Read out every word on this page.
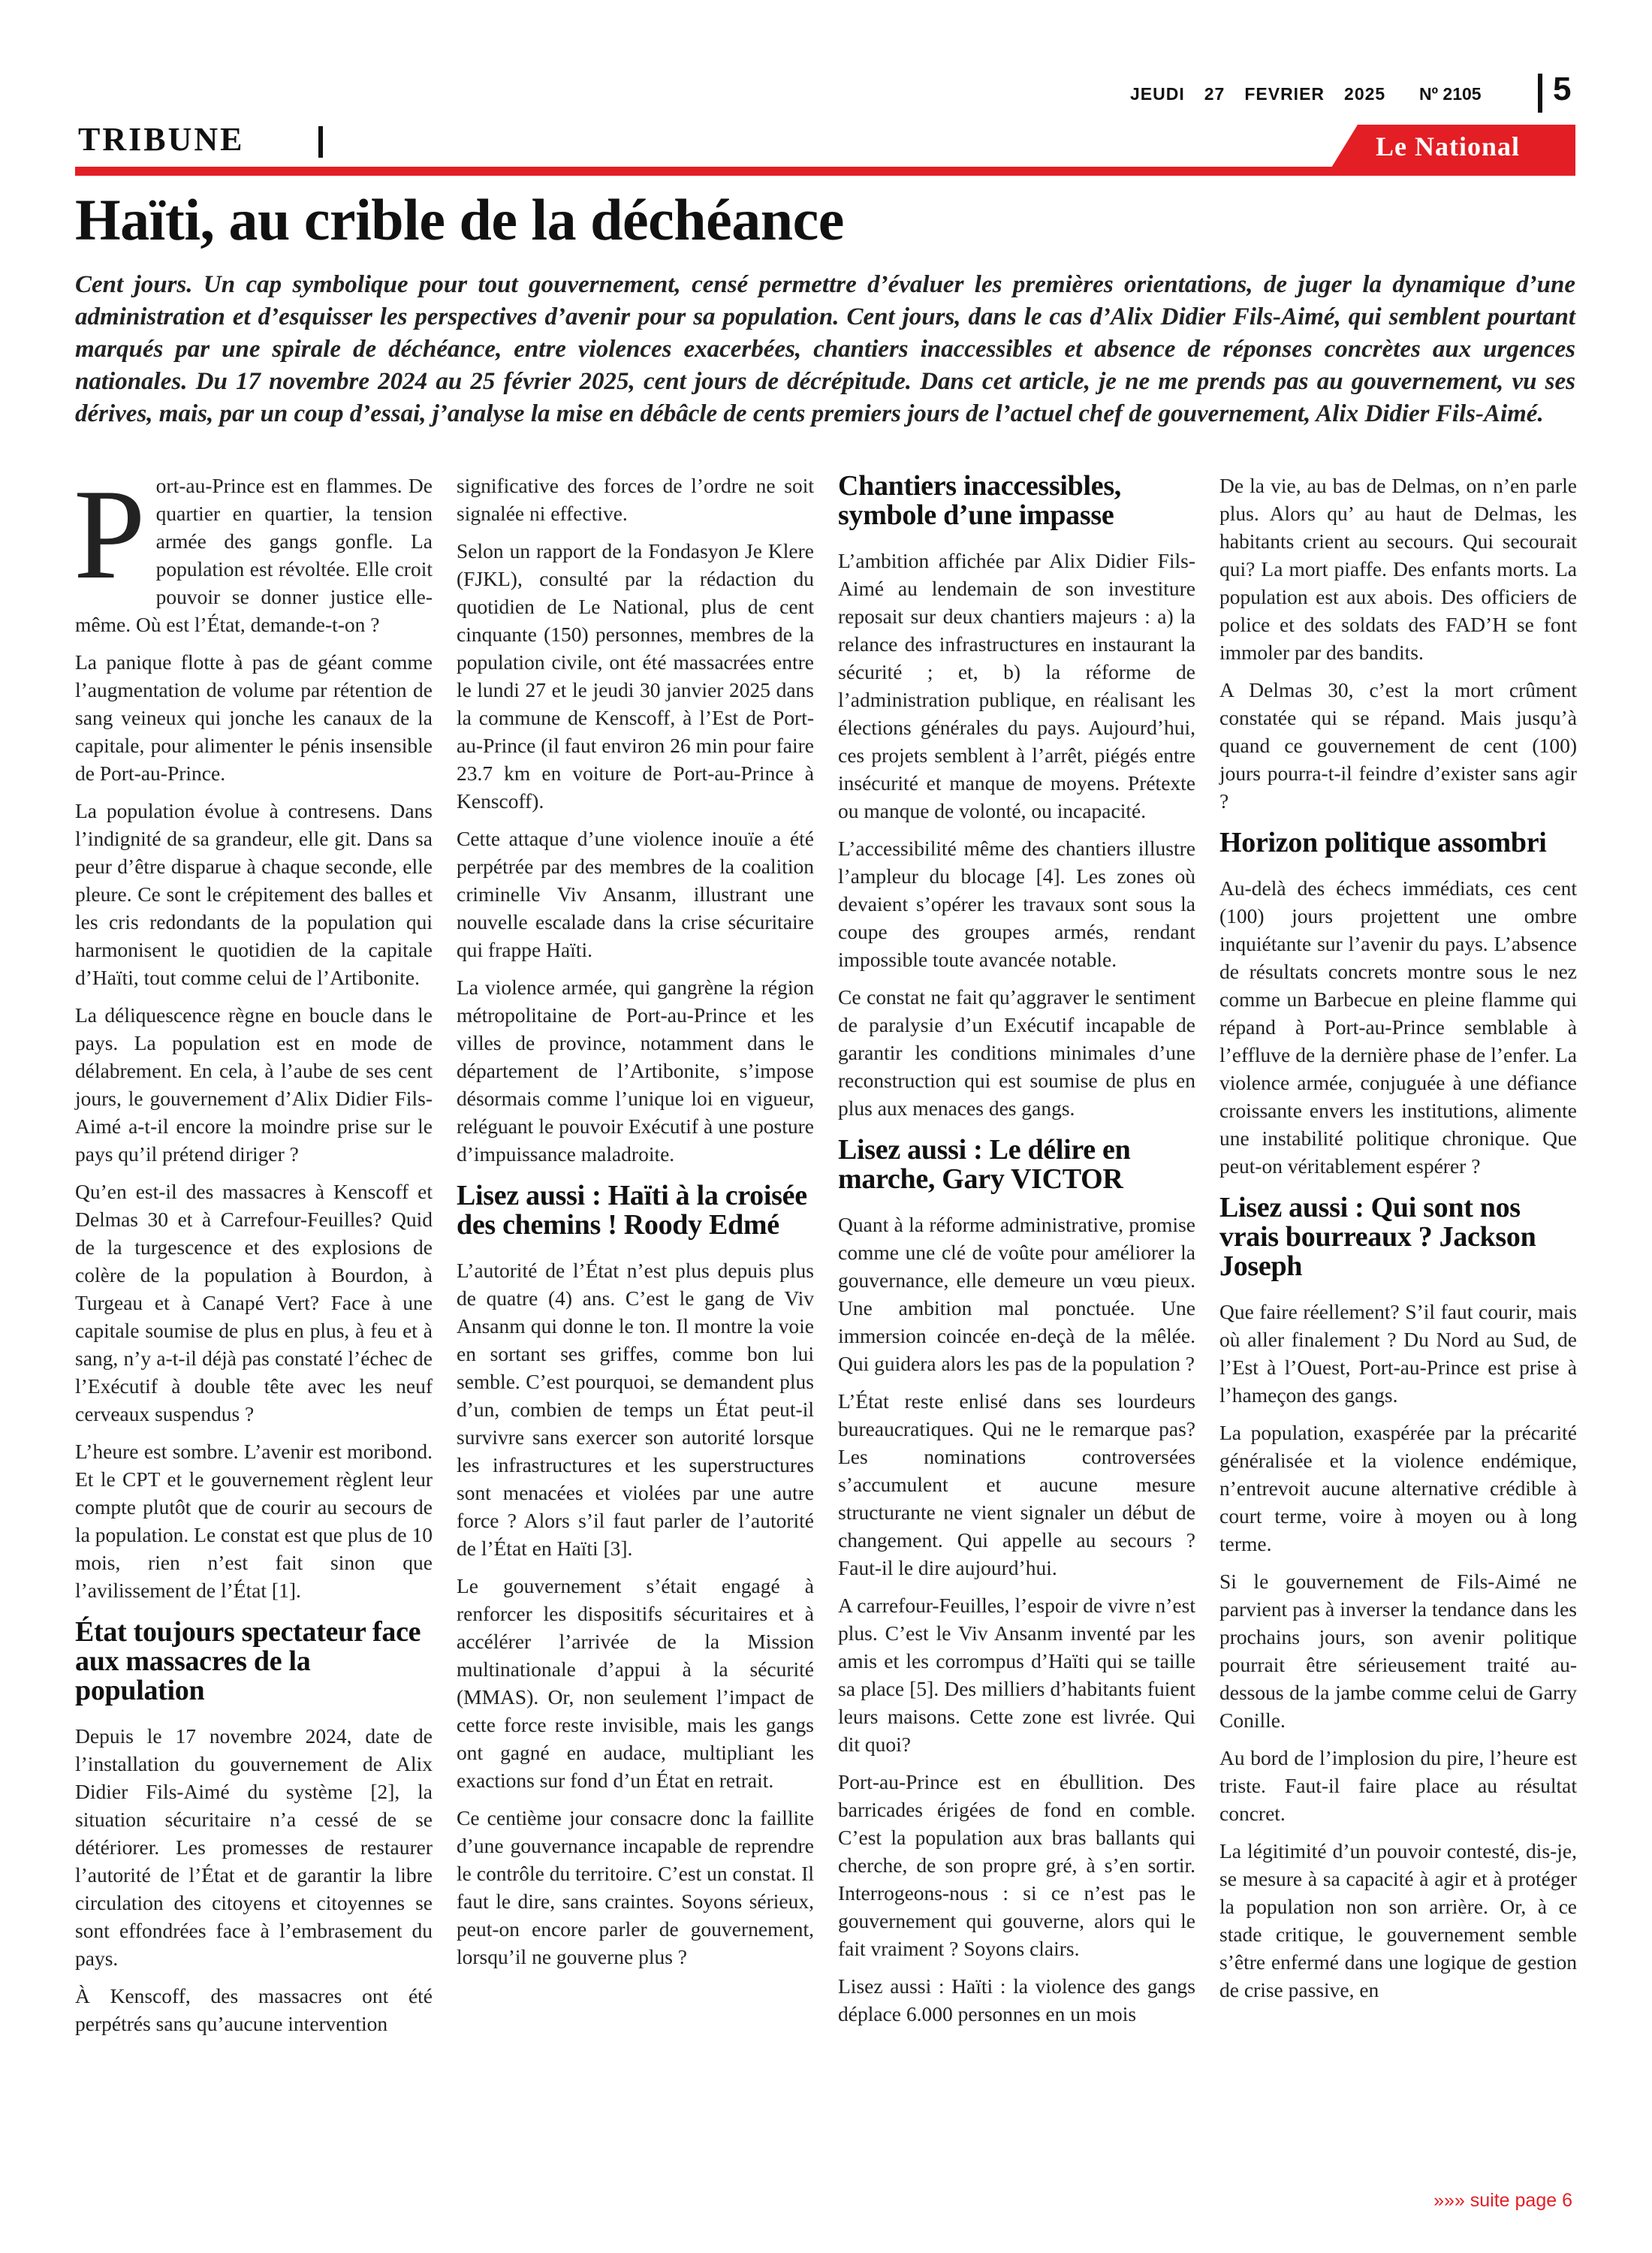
JEUDI 27 FEVRIER 2025	Nº 2105 5
TRIBUNE	Le National
Haïti, au crible de la déchéance

Cent jours. Un cap symbolique pour tout gouvernement, censé permettre d’évaluer les premières orientations, de juger la dynamique d’une administration et d’esquisser les perspectives d’avenir pour sa population. Cent jours, dans le cas d’Alix Didier Fils-Aimé, qui semblent pourtant marqués par une spirale de déchéance, entre violences exacerbées, chantiers inaccessibles et absence de réponses concrètes aux urgences nationales. Du 17 novembre 2024 au 25 février 2025, cent jours de décrépitude. Dans cet article, je ne me prends pas au gouvernement, vu ses dérives, mais, par un coup d’essai, j’analyse la mise en débâcle de cents premiers jours de l’actuel chef de gouvernement, Alix Didier Fils-Aimé.

Port-au-Prince est en flammes. De quartier en quartier, la tension armée des gangs gonfle. La population est révoltée. Elle croit pouvoir se donner justice elle-même. Où est l’État, demande-t-on ?

La panique flotte à pas de géant comme l’augmentation de volume par rétention de sang veineux qui jonche les canaux de la capitale, pour alimenter le pénis insensible de Port-au-Prince.

La population évolue à contresens. Dans l’indignité de sa grandeur, elle git. Dans sa peur d’être disparue à chaque seconde, elle pleure. Ce sont le crépitement des balles et les cris redondants de la population qui harmonisent le quotidien de la capitale d’Haïti, tout comme celui de l’Artibonite.

La déliquescence règne en boucle dans le pays. La population est en mode de délabrement. En cela, à l’aube de ses cent jours, le gouvernement d’Alix Didier Fils-Aimé a-t-il encore la moindre prise sur le pays qu’il prétend diriger ?

Qu’en est-il des massacres à Kenscoff et Delmas 30 et à Carrefour-Feuilles? Quid de la turgescence et des explosions de colère de la population à Bourdon, à Turgeau et à Canapé Vert? Face à une capitale soumise de plus en plus, à feu et à sang, n’y a-t-il déjà pas constaté l’échec de l’Exécutif à double tête avec les neuf cerveaux suspendus ?

L’heure est sombre. L’avenir est moribond. Et le CPT et le gouvernement règlent leur compte plutôt que de courir au secours de la population. Le constat est que plus de 10 mois, rien n’est fait sinon que l’avilissement de l’État [1].

État toujours spectateur face aux massacres de la population

Depuis le 17 novembre 2024, date de l’installation du gouvernement de Alix Didier Fils-Aimé du système [2], la situation sécuritaire n’a cessé de se détériorer. Les promesses de restaurer l’autorité de l’État et de garantir la libre circulation des citoyens et citoyennes se sont effondrées face à l’embrasement du pays.

À Kenscoff, des massacres ont été perpétrés sans qu’aucune intervention

significative des forces de l’ordre ne soit signalée ni effective.

Selon un rapport de la Fondasyon Je Klere (FJKL), consulté par la rédaction du quotidien de Le National, plus de cent cinquante (150) personnes, membres de la population civile, ont été massacrées entre le lundi 27 et le jeudi 30 janvier 2025 dans la commune de Kenscoff, à l’Est de Port-au-Prince (il faut environ 26 min pour faire 23.7 km en voiture de Port-au-Prince à Kenscoff).

Cette attaque d’une violence inouïe a été perpétrée par des membres de la coalition criminelle Viv Ansanm, illustrant une nouvelle escalade dans la crise sécuritaire qui frappe Haïti.

La violence armée, qui gangrène la région métropolitaine de Port-au-Prince et les villes de province, notamment dans le département de l’Artibonite, s’impose désormais comme l’unique loi en vigueur, reléguant le pouvoir Exécutif à une posture d’impuissance maladroite.

Lisez aussi : Haïti à la croisée des chemins ! Roody Edmé

L’autorité de l’État n’est plus depuis plus de quatre (4) ans. C’est le gang de Viv Ansanm qui donne le ton. Il montre la voie en sortant ses griffes, comme bon lui semble. C’est pourquoi, se demandent plus d’un, combien de temps un État peut-il survivre sans exercer son autorité lorsque les infrastructures et les superstructures sont menacées et violées par une autre force ? Alors s’il faut parler de l’autorité de l’État en Haïti [3].

Le gouvernement s’était engagé à renforcer les dispositifs sécuritaires et à accélérer l’arrivée de la Mission multinationale d’appui à la sécurité (MMAS). Or, non seulement l’impact de cette force reste invisible, mais les gangs ont gagné en audace, multipliant les exactions sur fond d’un État en retrait.

Ce centième jour consacre donc la faillite d’une gouvernance incapable de reprendre le contrôle du territoire. C’est un constat. Il faut le dire, sans craintes. Soyons sérieux, peut-on encore parler de gouvernement, lorsqu’il ne gouverne plus ?

Chantiers inaccessibles, symbole d’une impasse

L’ambition affichée par Alix Didier Fils-Aimé au lendemain de son investiture reposait sur deux chantiers majeurs : a) la relance des infrastructures en instaurant la sécurité ; et, b) la réforme de l’administration publique, en réalisant les élections générales du pays. Aujourd’hui, ces projets semblent à l’arrêt, piégés entre insécurité et manque de moyens. Prétexte ou manque de volonté, ou incapacité.

L’accessibilité même des chantiers illustre l’ampleur du blocage [4]. Les zones où devaient s’opérer les travaux sont sous la coupe des groupes armés, rendant impossible toute avancée notable.

Ce constat ne fait qu’aggraver le sentiment de paralysie d’un Exécutif incapable de garantir les conditions minimales d’une reconstruction qui est soumise de plus en plus aux menaces des gangs.

Lisez aussi : Le délire en marche, Gary VICTOR

Quant à la réforme administrative, promise comme une clé de voûte pour améliorer la gouvernance, elle demeure un vœu pieux. Une ambition mal ponctuée. Une immersion coincée en-deçà de la mêlée. Qui guidera alors les pas de la population ?

L’État reste enlisé dans ses lourdeurs bureaucratiques. Qui ne le remarque pas? Les nominations controversées s’accumulent et aucune mesure structurante ne vient signaler un début de changement. Qui appelle au secours ? Faut-il le dire aujourd’hui.

A carrefour-Feuilles, l’espoir de vivre n’est plus. C’est le Viv Ansanm inventé par les amis et les corrompus d’Haïti qui se taille sa place [5]. Des milliers d’habitants fuient leurs maisons. Cette zone est livrée. Qui dit quoi?

Port-au-Prince est en ébullition. Des barricades érigées de fond en comble. C’est la population aux bras ballants qui cherche, de son propre gré, à s’en sortir. Interrogeons-nous : si ce n’est pas le gouvernement qui gouverne, alors qui le fait vraiment ? Soyons clairs.

Lisez aussi : Haïti : la violence des gangs déplace 6.000 personnes en un mois

De la vie, au bas de Delmas, on n’en parle plus. Alors qu’ au haut de Delmas, les habitants crient au secours. Qui secourait qui? La mort piaffe. Des enfants morts. La population est aux abois. Des officiers de police et des soldats des FAD’H se font immoler par des bandits.

A Delmas 30, c’est la mort crûment constatée qui se répand. Mais jusqu’à quand ce gouvernement de cent (100) jours pourra-t-il feindre d’exister sans agir ?

Horizon politique assombri

Au-delà des échecs immédiats, ces cent (100) jours projettent une ombre inquiétante sur l’avenir du pays. L’absence de résultats concrets montre sous le nez comme un Barbecue en pleine flamme qui répand à Port-au-Prince semblable à l’effluve de la dernière phase de l’enfer. La violence armée, conjuguée à une défiance croissante envers les institutions, alimente une instabilité politique chronique. Que peut-on véritablement espérer ?

Lisez aussi : Qui sont nos vrais bourreaux ? Jackson Joseph

Que faire réellement? S’il faut courir, mais où aller finalement ? Du Nord au Sud, de l’Est à l’Ouest, Port-au-Prince est prise à l’hameçon des gangs.

La population, exaspérée par la précarité généralisée et la violence endémique, n’entrevoit aucune alternative crédible à court terme, voire à moyen ou à long terme.

Si le gouvernement de Fils-Aimé ne parvient pas à inverser la tendance dans les prochains jours, son avenir politique pourrait être sérieusement traité au-dessous de la jambe comme celui de Garry Conille.

Au bord de l’implosion du pire, l’heure est triste. Faut-il faire place au résultat concret.

La légitimité d’un pouvoir contesté, dis-je, se mesure à sa capacité à agir et à protéger la population non son arrière. Or, à ce stade critique, le gouvernement semble s’être enfermé dans une logique de gestion de crise passive, en

»»» suite page 6
